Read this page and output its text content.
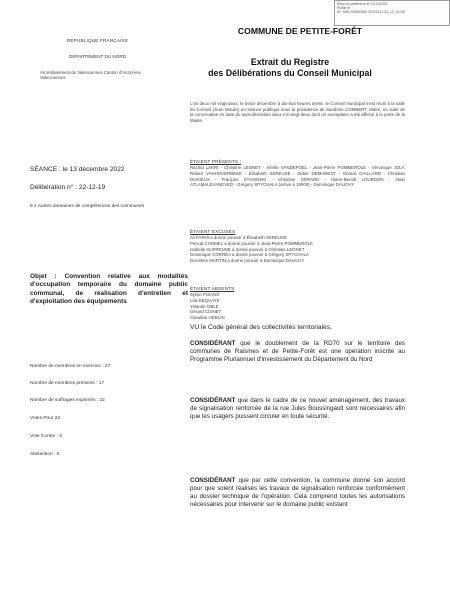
Reçu en préfecture le 21/12/2022
Publié le
ID : 059-215900580-20221221-22_12_19-DE
COMMUNE DE PETITE-FORÊT
RÉPUBLIQUE FRANÇAISE
DÉPARTEMENT DU NORD
Arrondissement de Valenciennes Canton d'Anzin-les-Valenciennes
Extrait du Registre
des Délibérations du Conseil Municipal
L'an deux mil vingt-deux, le treize décembre à dix-huit heures trente, le Conseil municipal s'est réuni à la salle du Conseil (Jean Moulin) en séance publique sous la présidence de Sandrine COMBERT, Maire, en suite de la convocation en date du sept décembre deux mil vingt-deux dont un exemplaire a été affiché à la porte de la Mairie.
SÉANCE : le 13 décembre 2022
Délibération n° : 22-12-19
9.1 Autres domaines de compétences des communes
ÉTAIENT PRÉSENTS :
Rachid LAKRI - Christine LEONET - Arlette VANDEPOEL - Jean-Pierre POMMEROLE - Véronique JOLY, Robert VANHOVERBEKE - Élisabeth SEREUSE - Didier DEMAREST - Gérard GAILLARD - Christian DURIEUX - François STASINSKI - Christine GÉRARD - Marie-Benoît LOURDON - Alain ATLAMALEVANEVED - Grégory SPYCHALA (arrivé à 19h00) - Dominique DAUCHY
ÉTAIENT EXCUSÉS
Ali FARHI a donné pouvoir à Élisabeth SEREUSE
Pascal CHOMEL a donné pouvoir à Jean-Pierre POMMEROLE
Isabelle DUFRENNE a donné pouvoir à Christine LEONET
Dominique CORREA a donné pouvoir à Grégory SPYCHALA
Dorothée MARTIN a donné pouvoir à Dominique DAUCHY
ÉTAIENT ABSENTS
Sylvie PISANO
Léa DEQUAYE
Yolande OBLE
Gérard CUINET
Claudine HERLIN
Objet : Convention relative aux modalités d'occupation temporaire du domaine public communal, de réalisation d'entretien et d'exploitation des équipements
VU le Code général des collectivités territoriales,
Nombre de membres en exercice : 27
Nombre de membres présents : 17
Nombre de suffrages exprimés : 22
Votes Pour 22
Vote Contre : 0
Abstention : 0
CONSIDÉRANT que le doublement de la RD70 sur le territoire des communes de Raismes et de Petite-Forêt est une opération inscrite au Programme Pluriannuel d'Investissement du Département du Nord
CONSIDÉRANT que dans le cadre de ce nouvel aménagement, des travaux de signalisation renforcée de la rue Jules Boussingault sont nécessaires afin que les usagers puissent circuler en toute sécurité.
CONSIDÉRANT que par cette convention, la commune donne son accord pour que soient réalisés les travaux de signalisation renforcée conformément au dossier technique de l'opération. Cela comprend toutes les autorisations nécessaires pour intervenir sur le domaine public existant
